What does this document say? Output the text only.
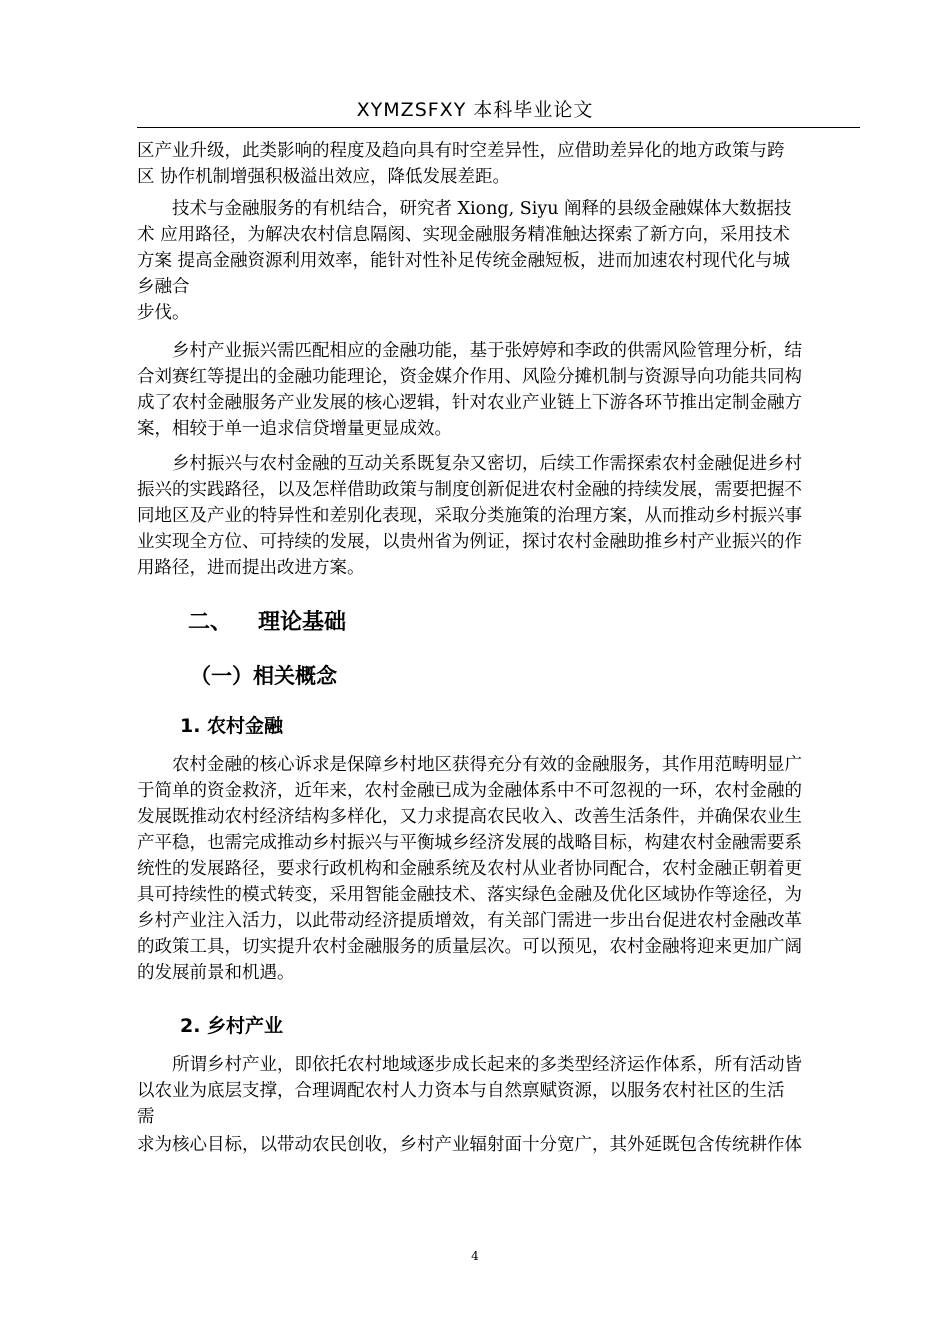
XYMZSFXY 本科毕业论文

区产业升级，此类影响的程度及趋向具有时空差异性，应借助差异化的地方政策与跨
区 协作机制增强积极溢出效应，降低发展差距。

　　技术与金融服务的有机结合，研究者 Xiong, Siyu 阐释的县级金融媒体大数据技
术 应用路径，为解决农村信息隔阂、实现金融服务精准触达探索了新方向，采用技术
方案 提高金融资源利用效率，能针对性补足传统金融短板，进而加速农村现代化与城
乡融合
步伐。

　　乡村产业振兴需匹配相应的金融功能，基于张婷婷和李政的供需风险管理分析，结
合刘赛红等提出的金融功能理论，资金媒介作用、风险分摊机制与资源导向功能共同构
成了农村金融服务产业发展的核心逻辑，针对农业产业链上下游各环节推出定制金融方
案，相较于单一追求信贷增量更显成效。

　　乡村振兴与农村金融的互动关系既复杂又密切，后续工作需探索农村金融促进乡村
振兴的实践路径，以及怎样借助政策与制度创新促进农村金融的持续发展，需要把握不
同地区及产业的特异性和差别化表现，采取分类施策的治理方案，从而推动乡村振兴事
业实现全方位、可持续的发展，以贵州省为例证，探讨农村金融助推乡村产业振兴的作
用路径，进而提出改进方案。

二、 理论基础
（一）相关概念
1. 农村金融

　　农村金融的核心诉求是保障乡村地区获得充分有效的金融服务，其作用范畴明显广
于简单的资金救济，近年来，农村金融已成为金融体系中不可忽视的一环，农村金融的
发展既推动农村经济结构多样化，又力求提高农民收入、改善生活条件，并确保农业生
产平稳，也需完成推动乡村振兴与平衡城乡经济发展的战略目标，构建农村金融需要系
统性的发展路径，要求行政机构和金融系统及农村从业者协同配合，农村金融正朝着更
具可持续性的模式转变，采用智能金融技术、落实绿色金融及优化区域协作等途径，为
乡村产业注入活力，以此带动经济提质增效，有关部门需进一步出台促进农村金融改革
的政策工具，切实提升农村金融服务的质量层次。可以预见，农村金融将迎来更加广阔
的发展前景和机遇。

2. 乡村产业

　　所谓乡村产业，即依托农村地域逐步成长起来的多类型经济运作体系，所有活动皆
以农业为底层支撑，合理调配农村人力资本与自然禀赋资源，以服务农村社区的生活
需

求为核心目标，以带动农民创收，乡村产业辐射面十分宽广，其外延既包含传统耕作体

4
